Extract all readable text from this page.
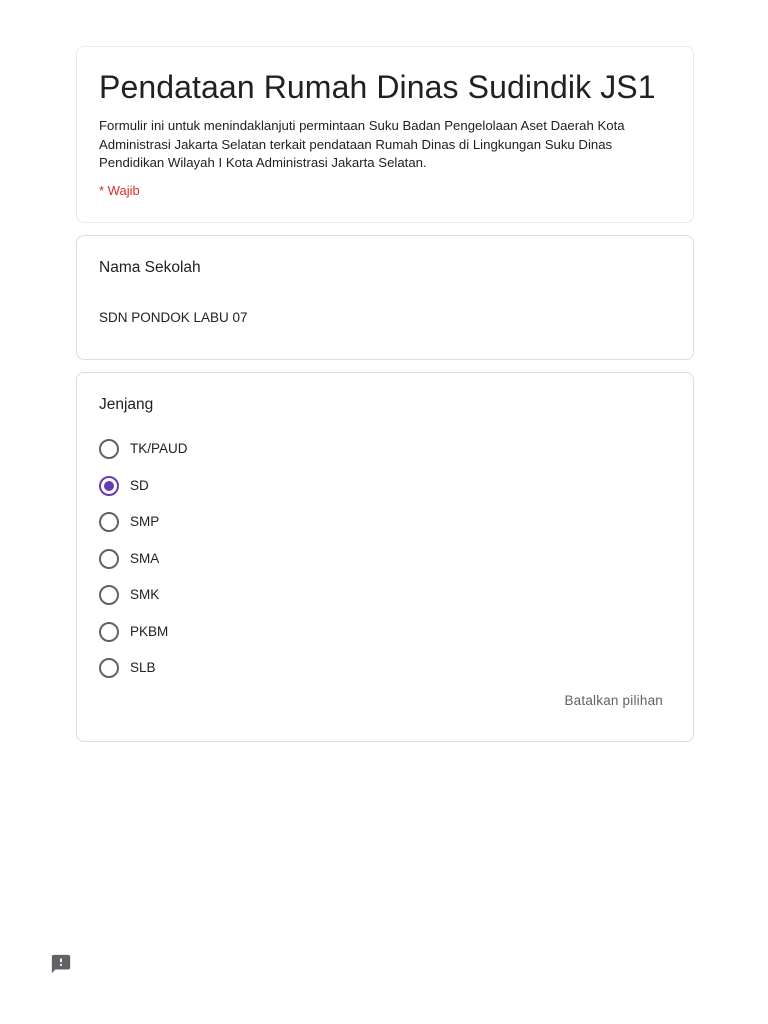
Pendataan Rumah Dinas Sudindik JS1

Formulir ini untuk menindaklanjuti permintaan Suku Badan Pengelolaan Aset Daerah Kota Administrasi Jakarta Selatan terkait pendataan Rumah Dinas di Lingkungan Suku Dinas Pendidikan Wilayah I Kota Administrasi Jakarta Selatan.

* Wajib

Nama Sekolah
SDN PONDOK LABU 07
Jenjang
TK/PAUD
SD
SMP
SMA
SMK
PKBM
SLB
Batalkan pilihan
